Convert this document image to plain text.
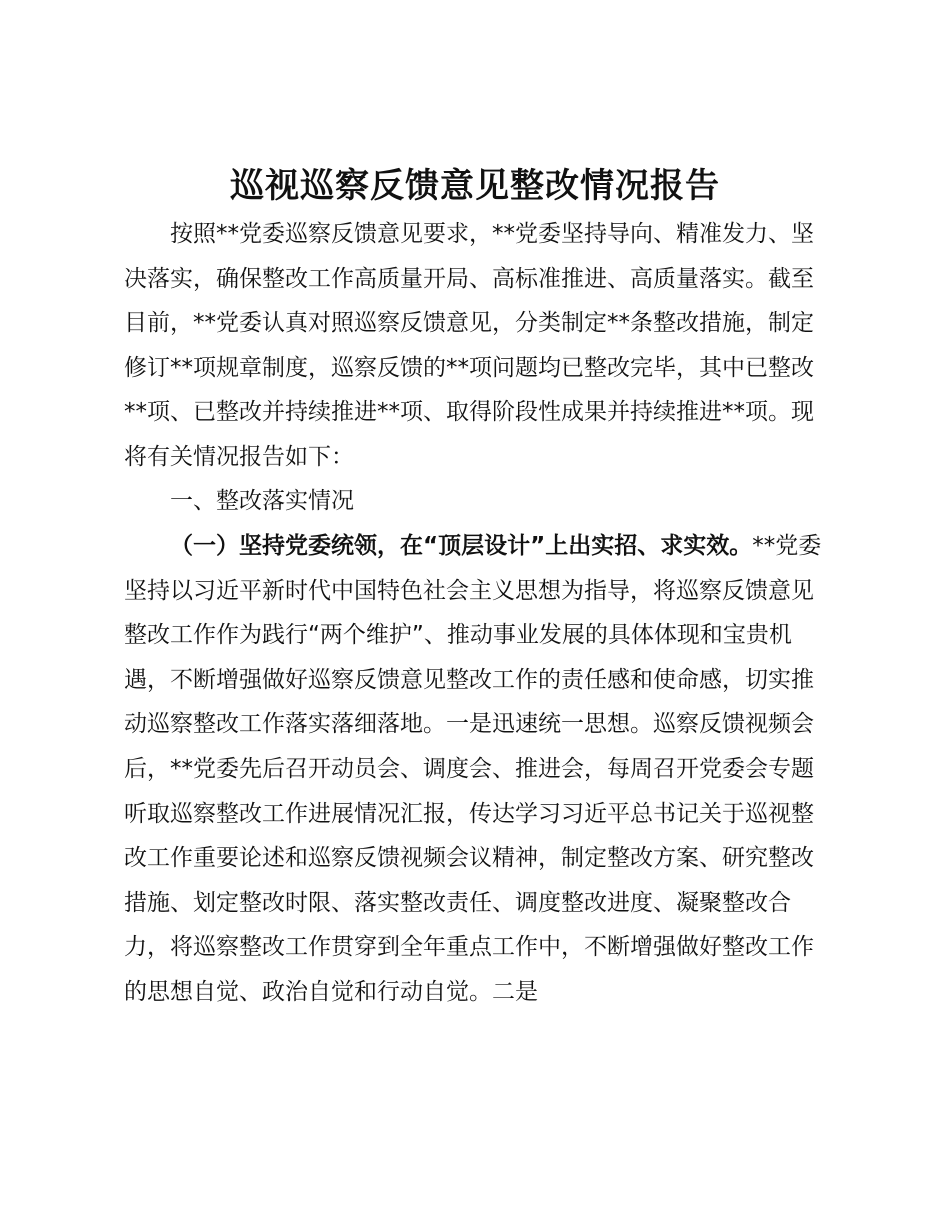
巡视巡察反馈意见整改情况报告

按照**党委巡察反馈意见要求，**党委坚持导向、精准发力、坚决落实，确保整改工作高质量开局、高标准推进、高质量落实。截至目前，**党委认真对照巡察反馈意见，分类制定**条整改措施，制定修订**项规章制度，巡察反馈的**项问题均已整改完毕，其中已整改**项、已整改并持续推进**项、取得阶段性成果并持续推进**项。现将有关情况报告如下：

一、整改落实情况

（一）坚持党委统领，在“顶层设计”上出实招、求实效。**党委坚持以习近平新时代中国特色社会主义思想为指导，将巡察反馈意见整改工作作为践行“两个维护”、推动事业发展的具体体现和宝贵机遇，不断增强做好巡察反馈意见整改工作的责任感和使命感，切实推动巡察整改工作落实落细落地。一是迅速统一思想。巡察反馈视频会后，**党委先后召开动员会、调度会、推进会，每周召开党委会专题听取巡察整改工作进展情况汇报，传达学习习近平总书记关于巡视整改工作重要论述和巡察反馈视频会议精神，制定整改方案、研究整改措施、划定整改时限、落实整改责任、调度整改进度、凝聚整改合力，将巡察整改工作贯穿到全年重点工作中，不断增强做好整改工作的思想自觉、政治自觉和行动自觉。二是
